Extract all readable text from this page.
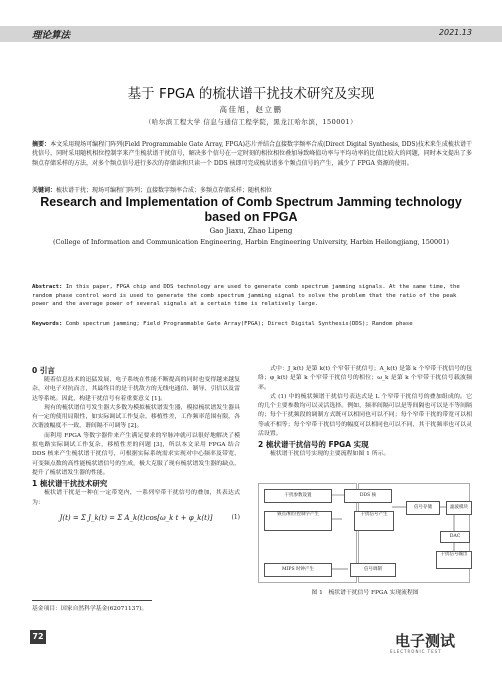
理论算法	2021.13
基于 FPGA 的梳状谱干扰技术研究及实现
高佳旭，赵立鹏
（哈尔滨工程大学 信息与通信工程学院，黑龙江哈尔滨，150001）
摘要：本文采用现场可编程门阵列(Field Programmable Gate Array, FPGA)芯片并结合直接数字频率合成(Direct Digital Synthesis, DDS)技术来生成梳状谱干扰信号，同时采用随机相位控制字来产生梳状谱干扰信号，解决多个信号在一定时刻的相位相位叠加导致峰值功率与平均功率的比值比较大的问题，同时本文提出了多频点存储采样的方法，对多个频点信号进行多次的存储读和只读一个 DDS 核即可完成梳状谱多个频点信号的产生，减少了 FPGA 资源的使用。
关键词：梳状谱干扰；现场可编程门阵列；直接数字频率合成；多频点存储采样；随机相位
Research and Implementation of Comb Spectrum Jamming technology based on FPGA
Gao Jiaxu, Zhao Lipeng
(College of Information and Communication Engineering, Harbin Engineering University, Harbin Heilongjiang, 150001)
Abstract: In this paper, FPGA chip and DDS technology are used to generate comb spectrum jamming signals. At the same time, the random phase control word is used to generate the comb spectrum jamming signal to solve the problem that the ratio of the peak power and the average power of several signals at a certain time is relatively large.
Keywords: Comb spectrum jamming; Field Programmable Gate Array(FPGA); Direct Digital Synthesis(DDS); Random phase

0 引言

随着信息技术的迅猛发展，电子系统在性能不断提高的同时也变得越来越复杂，对电子对抗而言，其最终目的是干扰敌方的无线电通信、制导、引信以及雷达等系统。因此，构建干扰信号有着重要意义 [1]。

现有的梳状谱信号发生器大多数为模拟梳状谱发生器，模拟梳状谱发生器具有一定的使用局限性，如实际调试工作复杂，移植性差，工作频率范围有限，各次谐波幅度不一致，谐间隔不可调等 [2]。

而利用 FPGA 等数字器件来产生满足要求的窄脉冲就可以很好地解决了模拟电路实际调试工作复杂，移植性差的问题 [3]，所以本文采用 FPGA 结合 DDS 核来产生梳状谱干扰信号，可根据实际系统需求实现对中心频率及带宽、可变频点数的高性能梳状谱信号的生成，极大克服了现有梳状谱发生器的缺点，提升了梳状谱发生器的性能。

1 梳状谱干扰技术研究

梳状谱干扰是一种在一定带宽内，一系列窄带干扰信号的叠加，其表达式为：

J(t) = Σ J_k(t) = Σ A_k(t)cos[ω_k t + φ_k(t)]	(1)

式中：J_k(t) 是第 k(t) 个窄带干扰信号；A_k(t) 是第 k 个窄带干扰信号的包络；φ_k(t) 是第 k 个窄带干扰信号的相位；ω_k 是第 k 个窄带干扰信号载波频率。

式 (1) 中的梳状频谱干扰信号表达式是 L 个窄带干扰信号的叠加组成的。它的几个主要参数均可以灵活选择。例如，频率间隔可以是等间隔也可以是不等间隔的；每个干扰频段的调制方式既可以相同也可以不同；每个窄带干扰的带宽可以相等或不相等；每个窄带干扰信号的幅度可以相同也可以不同，其干扰频率也可以灵活设置。

2 梳状谱干扰信号的 FPGA 实现

梳状谱干扰信号实现的主要流程如图 1 所示。

干扰参数设置
频点/相位控制字产生
MIPS 时钟产生
DDS 核
干扰信号产生
信号调制
信号存储	滤波模块
DAC
干扰信号输出
图 1　梳状谱干扰信号 FPGA 实现流程图
基金项目：国家自然科学基金(62071137)。
72	电子测试
ELECTRONIC TEST
